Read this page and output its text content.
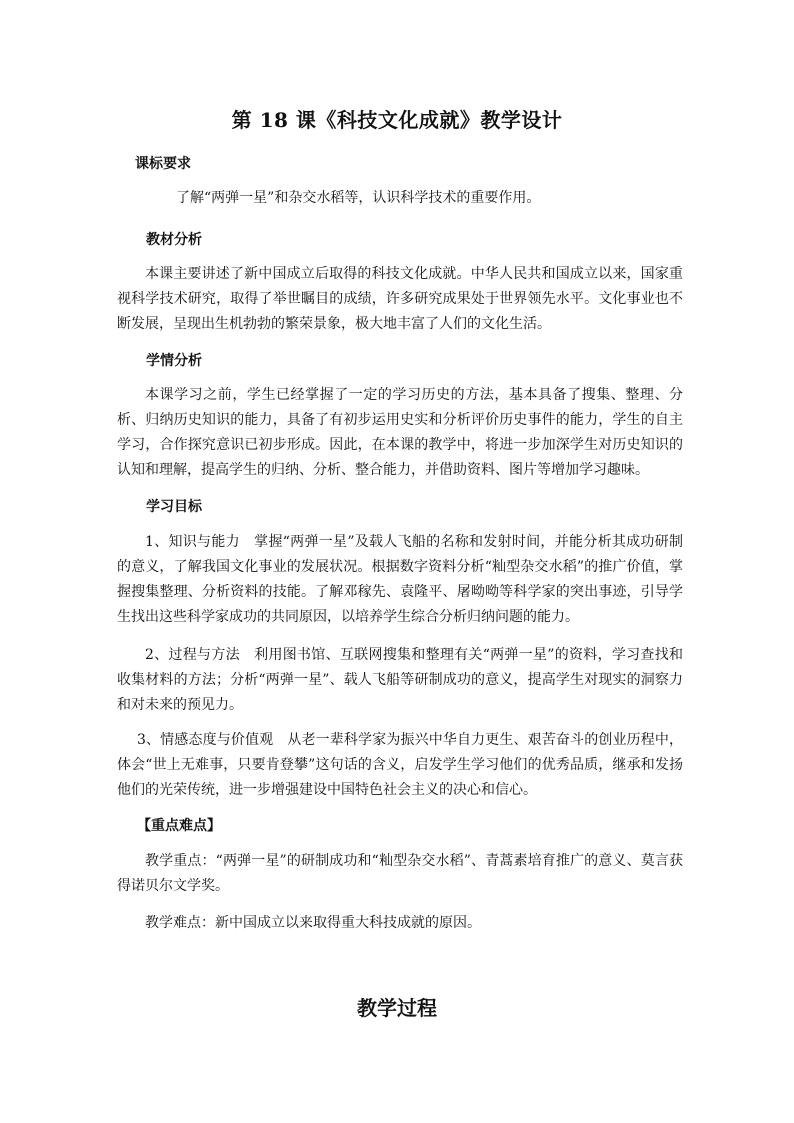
第 18 课《科技文化成就》教学设计
课标要求
了解“两弹一星”和杂交水稻等，认识科学技术的重要作用。
教材分析
本课主要讲述了新中国成立后取得的科技文化成就。中华人民共和国成立以来，国家重视科学技术研究，取得了举世瞩目的成绩，许多研究成果处于世界领先水平。文化事业也不断发展，呈现出生机勃勃的繁荣景象，极大地丰富了人们的文化生活。
学情分析
本课学习之前，学生已经掌握了一定的学习历史的方法，基本具备了搜集、整理、分析、归纳历史知识的能力，具备了有初步运用史实和分析评价历史事件的能力，学生的自主学习，合作探究意识已初步形成。因此，在本课的教学中，将进一步加深学生对历史知识的认知和理解，提高学生的归纳、分析、整合能力，并借助资料、图片等增加学习趣味。
学习目标
1、知识与能力　掌握“两弹一星”及载人飞船的名称和发射时间，并能分析其成功研制的意义，了解我国文化事业的发展状况。根据数字资料分析“籼型杂交水稻”的推广价值，掌握搜集整理、分析资料的技能。了解邓稼先、袁隆平、屠呦呦等科学家的突出事迹，引导学生找出这些科学家成功的共同原因，以培养学生综合分析归纳问题的能力。
2、过程与方法　利用图书馆、互联网搜集和整理有关“两弹一星”的资料，学习查找和收集材料的方法；分析“两弹一星”、载人飞船等研制成功的意义，提高学生对现实的洞察力和对未来的预见力。
3、情感态度与价值观　从老一辈科学家为振兴中华自力更生、艰苦奋斗的创业历程中，体会“世上无难事，只要肯登攀”这句话的含义，启发学生学习他们的优秀品质，继承和发扬他们的光荣传统，进一步增强建设中国特色社会主义的决心和信心。
【重点难点】
教学重点：“两弹一星”的研制成功和“籼型杂交水稻”、青蒿素培育推广的意义、莫言获得诺贝尔文学奖。
教学难点：新中国成立以来取得重大科技成就的原因。
教学过程
